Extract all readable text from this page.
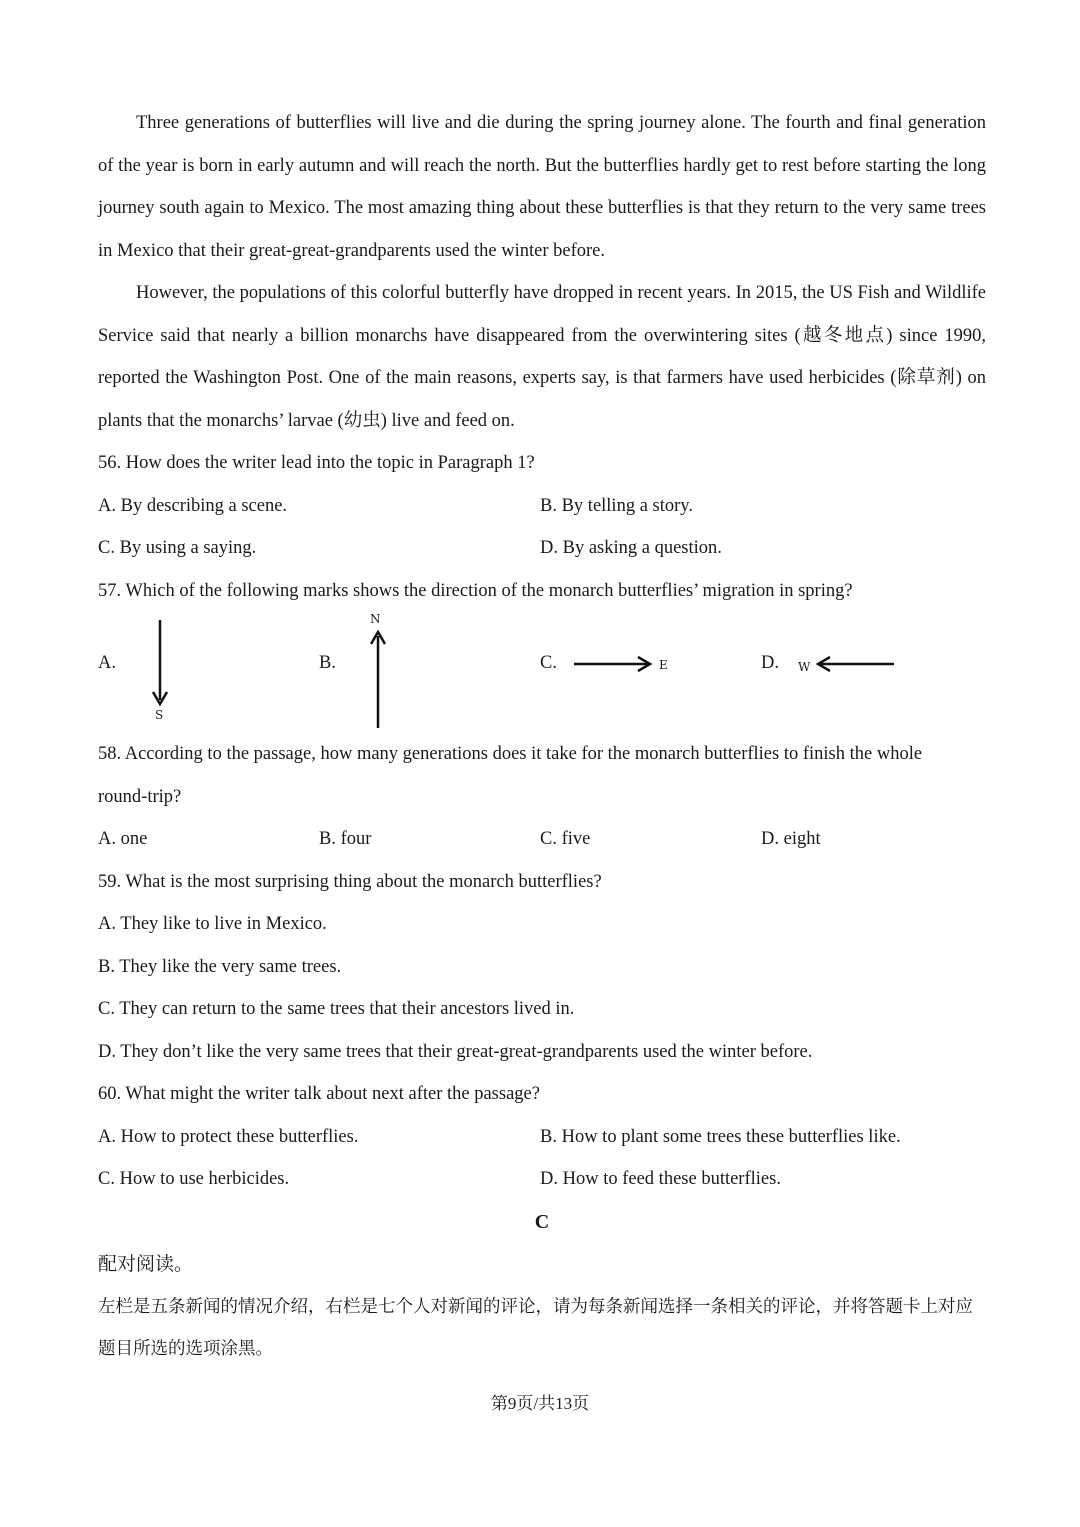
Three generations of butterflies will live and die during the spring journey alone. The fourth and final generation of the year is born in early autumn and will reach the north. But the butterflies hardly get to rest before starting the long journey south again to Mexico. The most amazing thing about these butterflies is that they return to the very same trees in Mexico that their great-great-grandparents used the winter before.

However, the populations of this colorful butterfly have dropped in recent years. In 2015, the US Fish and Wildlife Service said that nearly a billion monarchs have disappeared from the overwintering sites (越冬地点) since 1990, reported the Washington Post. One of the main reasons, experts say, is that farmers have used herbicides (除草剂) on plants that the monarchs’ larvae (幼虫) live and feed on.

56. How does the writer lead into the topic in Paragraph 1?
A. By describing a scene.	B. By telling a story.
C. By using a saying.	D. By asking a question.
57. Which of the following marks shows the direction of the monarch butterflies’ migration in spring?
A.
S
B.
N
C.	E	D. W
58. According to the passage, how many generations does it take for the monarch butterflies to finish the whole
round-trip?
A. one	B. four	C. five	D. eight
59. What is the most surprising thing about the monarch butterflies?
A. They like to live in Mexico.
B. They like the very same trees.
C. They can return to the same trees that their ancestors lived in.
D. They don’t like the very same trees that their great-great-grandparents used the winter before.
60. What might the writer talk about next after the passage?
A. How to protect these butterflies.	B. How to plant some trees these butterflies like.
C. How to use herbicides.	D. How to feed these butterflies.
C
配对阅读。

左栏是五条新闻的情况介绍，右栏是七个人对新闻的评论，请为每条新闻选择一条相关的评论，并将答题卡上对应题目所选的选项涂黑。

第9页/共13页
